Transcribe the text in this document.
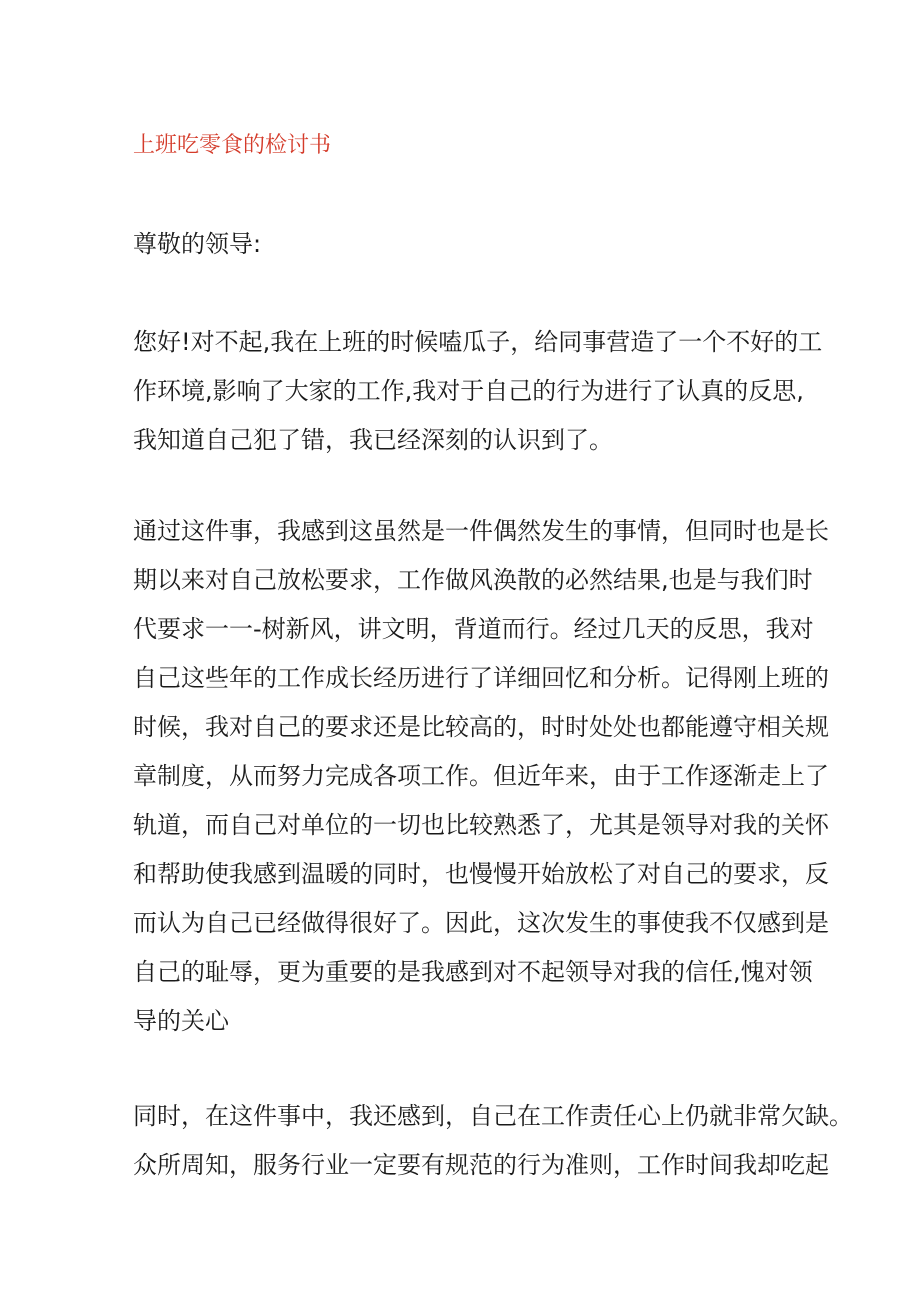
上班吃零食的检讨书
尊敬的领导:
您好!对不起,我在上班的时候嗑瓜子，给同事营造了一个不好的工
作环境,影响了大家的工作,我对于自己的行为进行了认真的反思,
我知道自己犯了错，我已经深刻的认识到了。
通过这件事，我感到这虽然是一件偶然发生的事情，但同时也是长
期以来对自己放松要求，工作做风涣散的必然结果,也是与我们时
代要求一一-树新风，讲文明，背道而行。经过几天的反思，我对
自己这些年的工作成长经历进行了详细回忆和分析。记得刚上班的
时候，我对自己的要求还是比较高的，时时处处也都能遵守相关规
章制度，从而努力完成各项工作。但近年来，由于工作逐渐走上了
轨道，而自己对单位的一切也比较熟悉了，尤其是领导对我的关怀
和帮助使我感到温暖的同时，也慢慢开始放松了对自己的要求，反
而认为自己已经做得很好了。因此，这次发生的事使我不仅感到是
自己的耻辱，更为重要的是我感到对不起领导对我的信任,愧对领
导的关心
同时，在这件事中，我还感到，自己在工作责任心上仍就非常欠缺。
众所周知，服务行业一定要有规范的行为准则，工作时间我却吃起
